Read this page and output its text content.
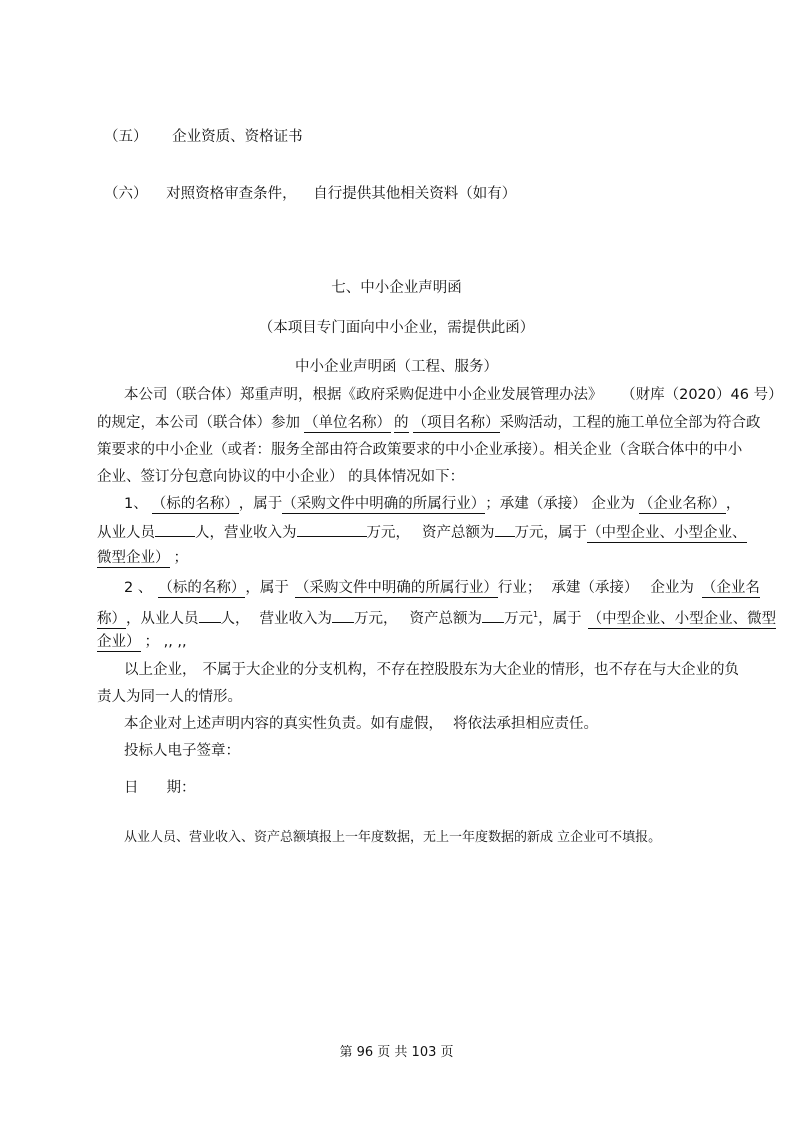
（五） 企业资质、资格证书
（六） 对照资格审查条件， 自行提供其他相关资料（如有）
七、中小企业声明函
（本项目专门面向中小企业，需提供此函）
中小企业声明函（工程、服务）
本公司（联合体）郑重声明，根据《政府采购促进中小企业发展管理办法》 （财库（2020）46 号）
的规定，本公司（联合体）参加 （单位名称） 的 （项目名称）采购活动，工程的施工单位全部为符合政
策要求的中小企业（或者：服务全部由符合政策要求的中小企业承接）。相关企业（含联合体中的中小
企业、签订分包意向协议的中小企业） 的具体情况如下：
1、 （标的名称），属于（采购文件中明确的所属行业）；承建（承接） 企业为 （企业名称），
从业人员	人，营业收入为	万元， 资产总额为 万元，属于（中型企业、小型企业、
微型企业） ；
2 、 （标的名称），属于 （采购文件中明确的所属行业）行业； 承建（承接） 企业为 （企业名
称），从业人员 人， 营业收入为 万元， 资产总额为 万元$^1$，属于 （中型企业、小型企业、微型
企业） ； ,, ,,
以上企业， 不属于大企业的分支机构，不存在控股股东为大企业的情形，也不存在与大企业的负
责人为同一人的情形。
本企业对上述声明内容的真实性负责。如有虚假， 将依法承担相应责任。
投标人电子签章：
日 期：
从业人员、营业收入、资产总额填报上一年度数据，无上一年度数据的新成 立企业可不填报。
第 96 页 共 103 页
